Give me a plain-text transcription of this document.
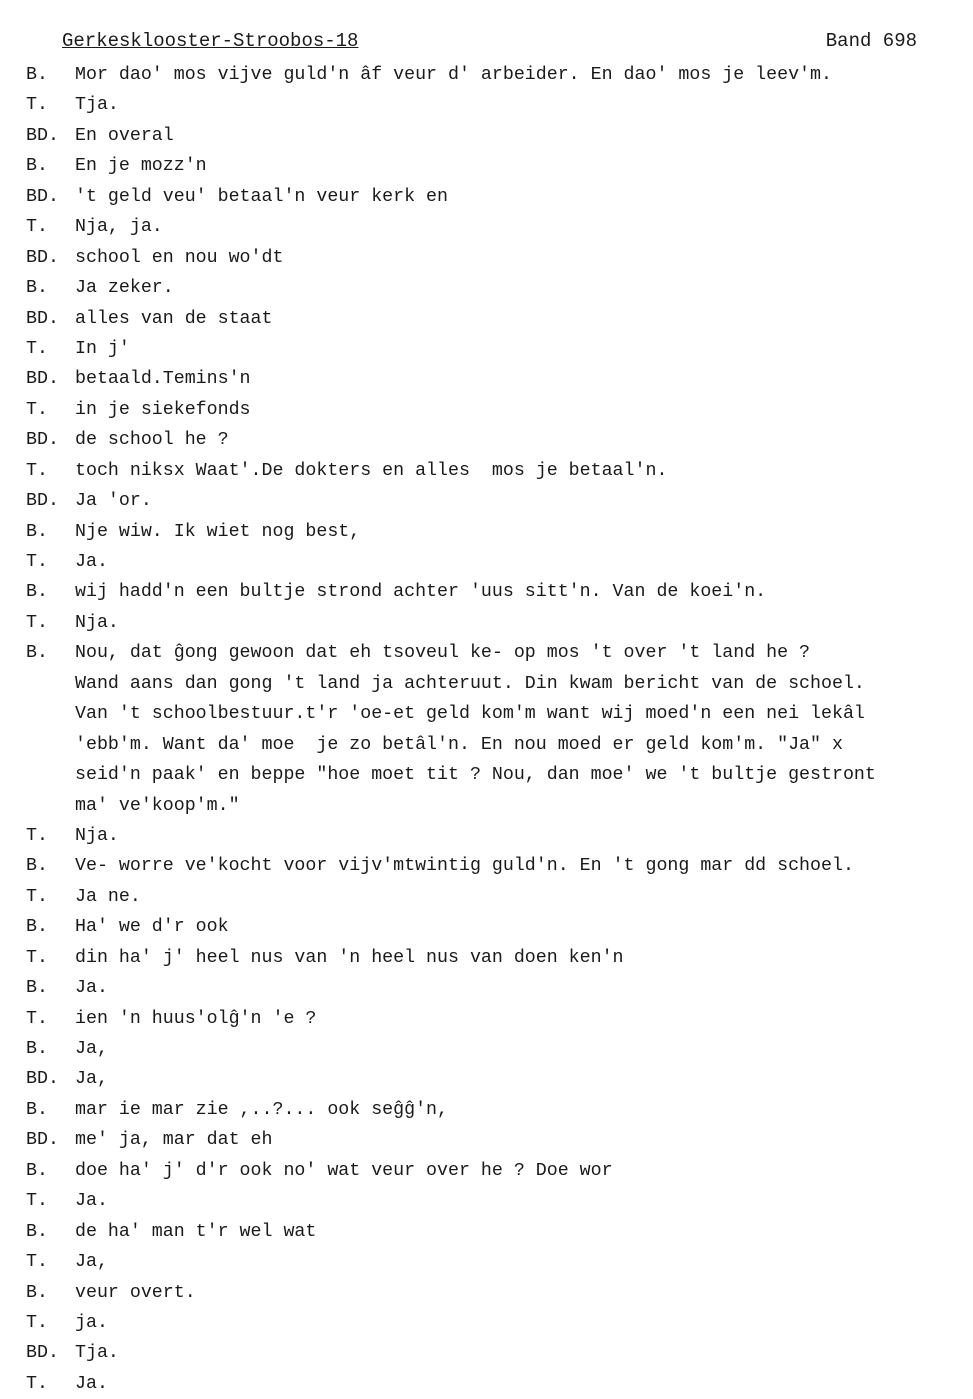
Gerkesklooster-Stroobos-18	Band 698
B. Mor dao' mos vijve guld'n âf veur d' arbeider. En dao' mos je leev'm.
T. Tja.
BD. En overal
B. En je mozz'n
BD. 't geld veu' betaal'n veur kerk en
T. Nja, ja.
BD. school en nou wo'dt
B. Ja zeker.
BD. alles van de staat
T. In j'
BD. betaald.Temins'n
T. in je siekefonds
BD. de school he ?
T. toch niksx Waat'.De dokters en alles  mos je betaal'n.
BD. Ja 'or.
B. Nje wiw. Ik wiet nog best,
T. Ja.
B. wij hadd'n een bultje strond achter 'uus sitt'n. Van de koei'n.
T. Nja.
B. Nou, dat ĝong gewoon dat eh tsoveul ke- op mos 't over 't land he ?
Wand aans dan gong 't land ja achteruut. Din kwam bericht van de schoel.
Van 't schoolbestuur.t'r 'oe-et geld kom'm want wij moed'n een nei lekâl
'ebb'm. Want da' moe  je zo betâl'n. En nou moed er geld kom'm. "Ja" x
seid'n paak' en beppe "hoe moet tit ? Nou, dan moe' we 't bultje gestront
ma' ve'koop'm."
T. Nja.
B. Ve- worre ve'kocht voor vijv'mtwintig guld'n. En 't gong mar dd schoel.
T. Ja ne.
B. Ha' we d'r ook
T. din ha' j' heel nus van 'n heel nus van doen ken'n
B. Ja.
T. ien 'n huus'olĝ'n 'e ?
B. Ja,
BD. Ja,
B. mar ie mar zie ,..?... ook seĝĝ'n,
BD. me' ja, mar dat eh
B. doe ha' j' d'r ook no' wat veur over he ? Doe wor
T. Ja.
B. de ha' man t'r wel wat
T. Ja,
B. veur overt.
T. ja.
BD. Tja.
T. Ja.
